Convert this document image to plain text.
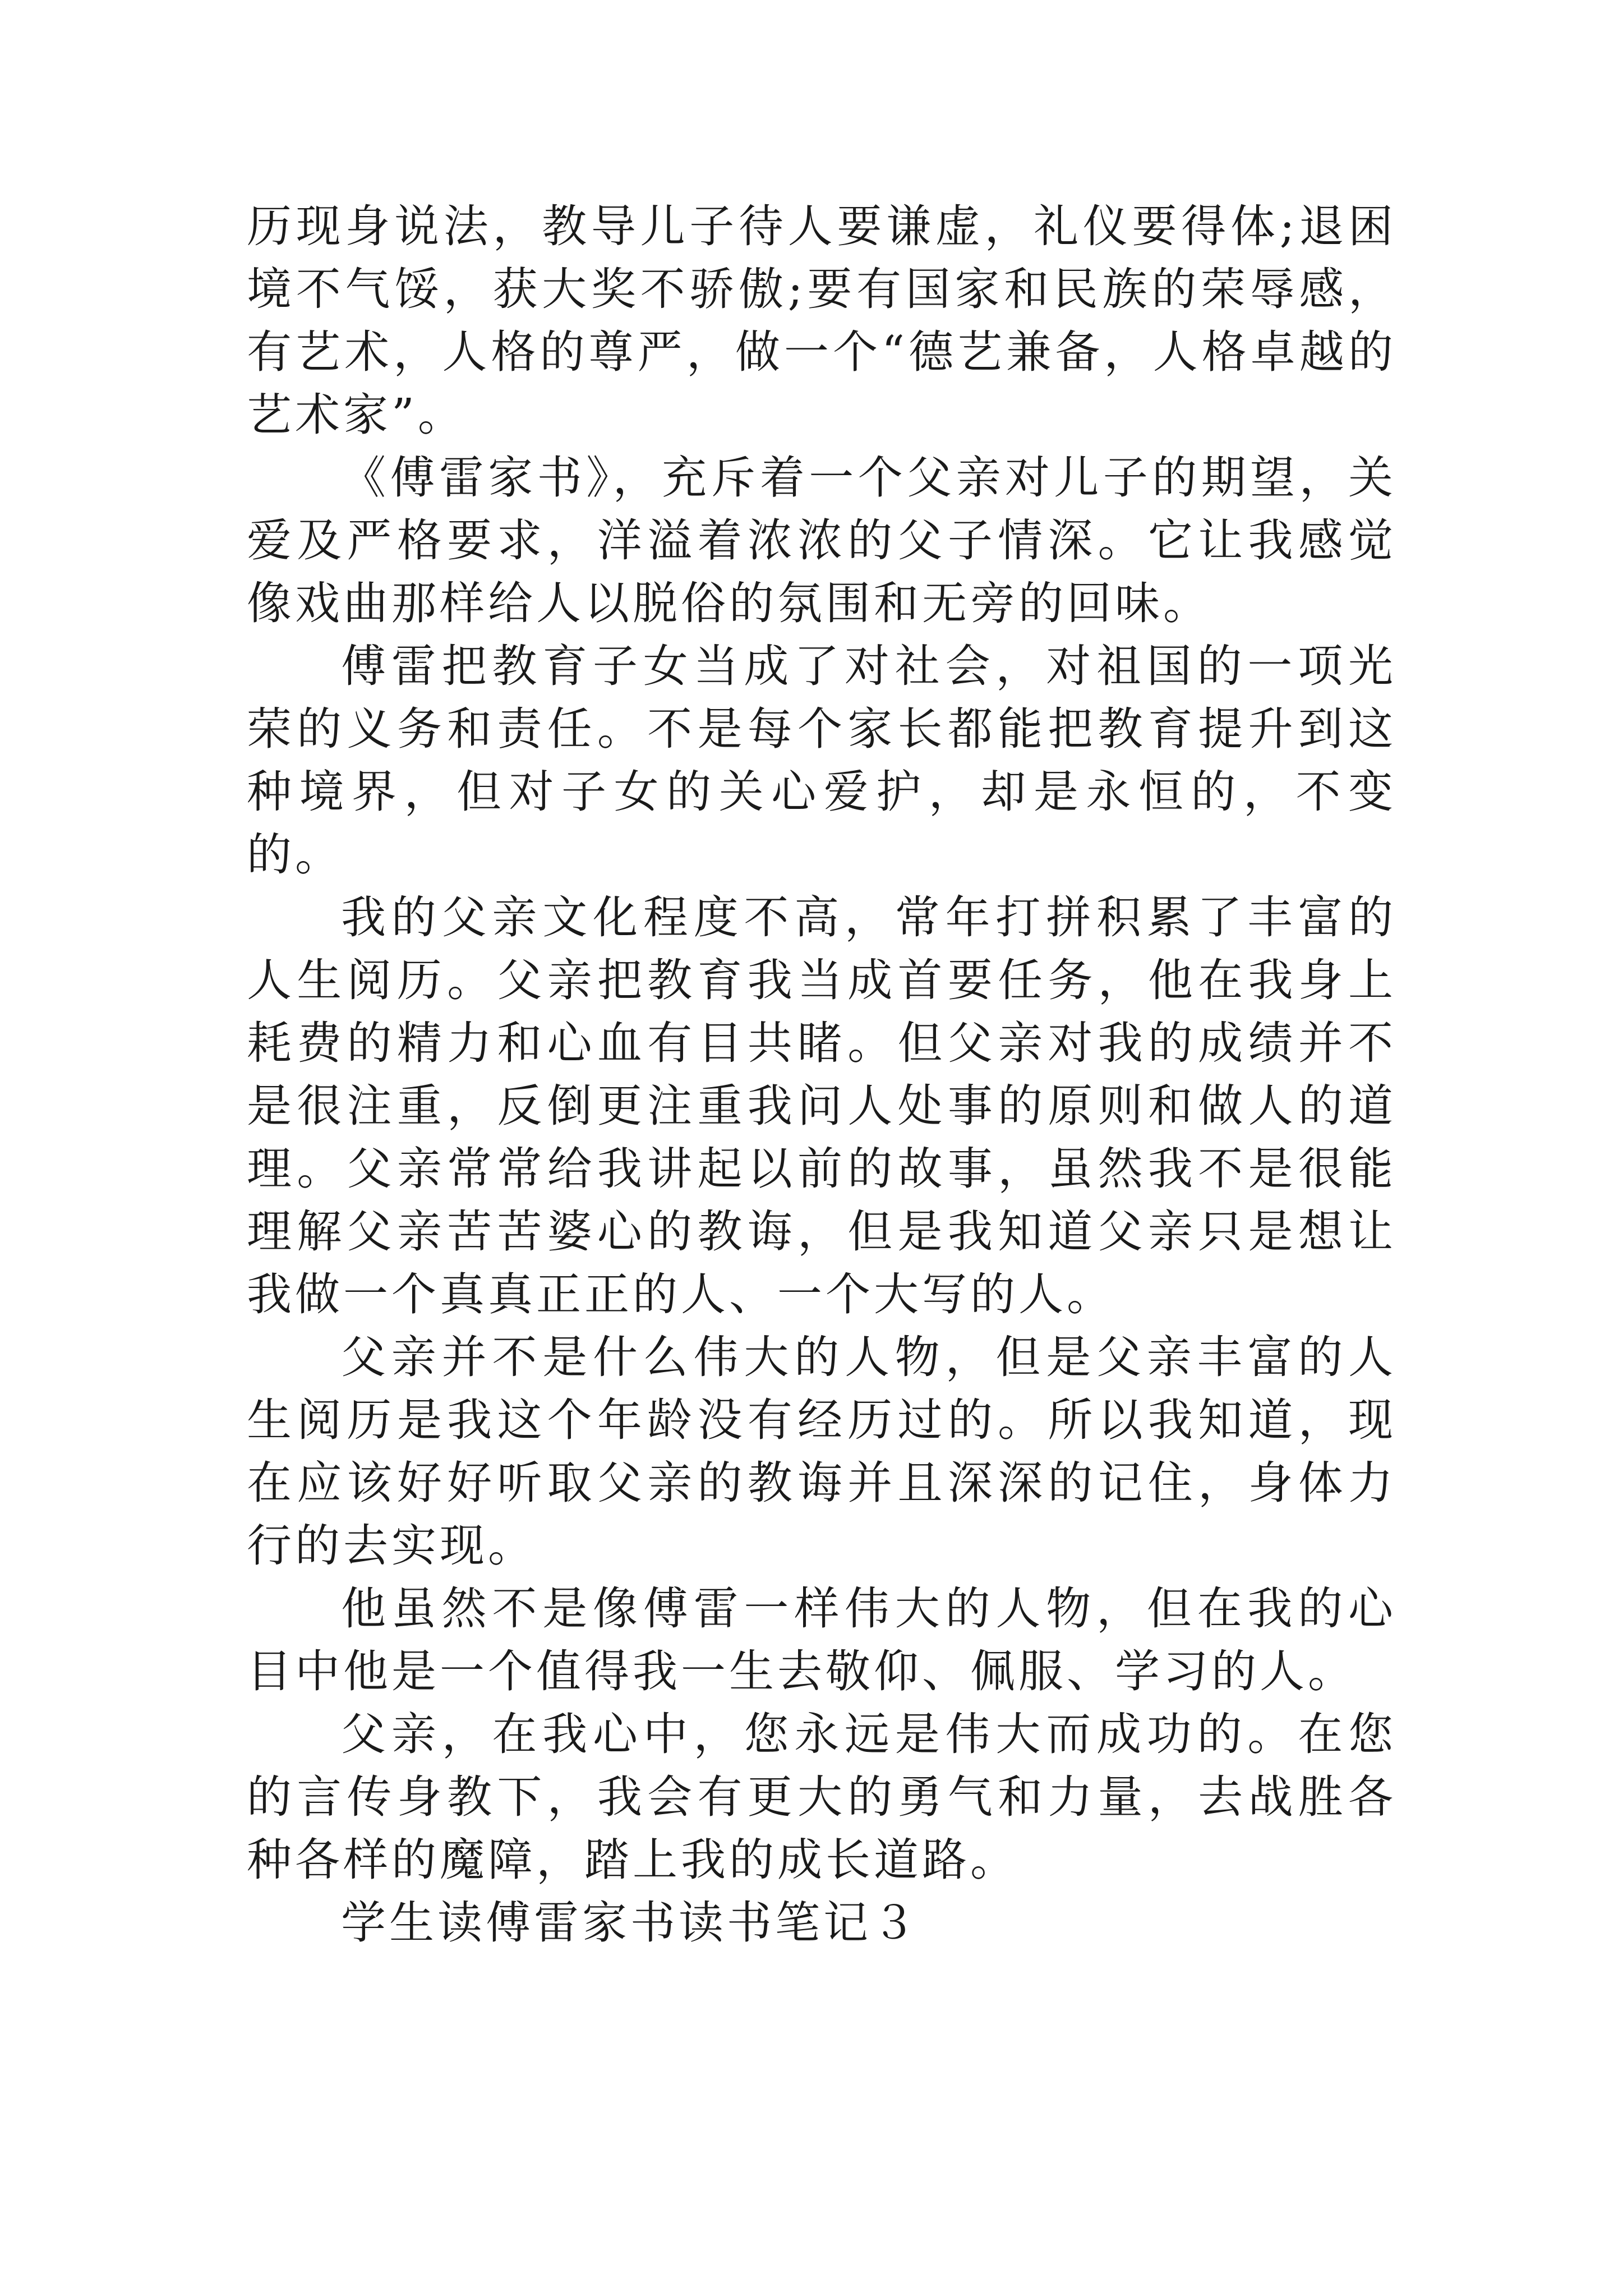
历现身说法，教导儿子待人要谦虚，礼仪要得体;退困境不气馁，获大奖不骄傲;要有国家和民族的荣辱感，有艺术，人格的尊严，做一个“德艺兼备，人格卓越的艺术家”。

《傅雷家书》，充斥着一个父亲对儿子的期望，关爱及严格要求，洋溢着浓浓的父子情深。它让我感觉像戏曲那样给人以脱俗的氛围和无旁的回味。

傅雷把教育子女当成了对社会，对祖国的一项光荣的义务和责任。不是每个家长都能把教育提升到这种境界，但对子女的关心爱护，却是永恒的，不变的。

我的父亲文化程度不高，常年打拼积累了丰富的人生阅历。父亲把教育我当成首要任务，他在我身上耗费的精力和心血有目共睹。但父亲对我的成绩并不是很注重，反倒更注重我问人处事的原则和做人的道理。父亲常常给我讲起以前的故事，虽然我不是很能理解父亲苦苦婆心的教诲，但是我知道父亲只是想让我做一个真真正正的人、一个大写的人。

父亲并不是什么伟大的人物，但是父亲丰富的人生阅历是我这个年龄没有经历过的。所以我知道，现在应该好好听取父亲的教诲并且深深的记住，身体力行的去实现。

他虽然不是像傅雷一样伟大的人物，但在我的心目中他是一个值得我一生去敬仰、佩服、学习的人。

父亲，在我心中，您永远是伟大而成功的。在您的言传身教下，我会有更大的勇气和力量，去战胜各种各样的魔障，踏上我的成长道路。

学生读傅雷家书读书笔记３
